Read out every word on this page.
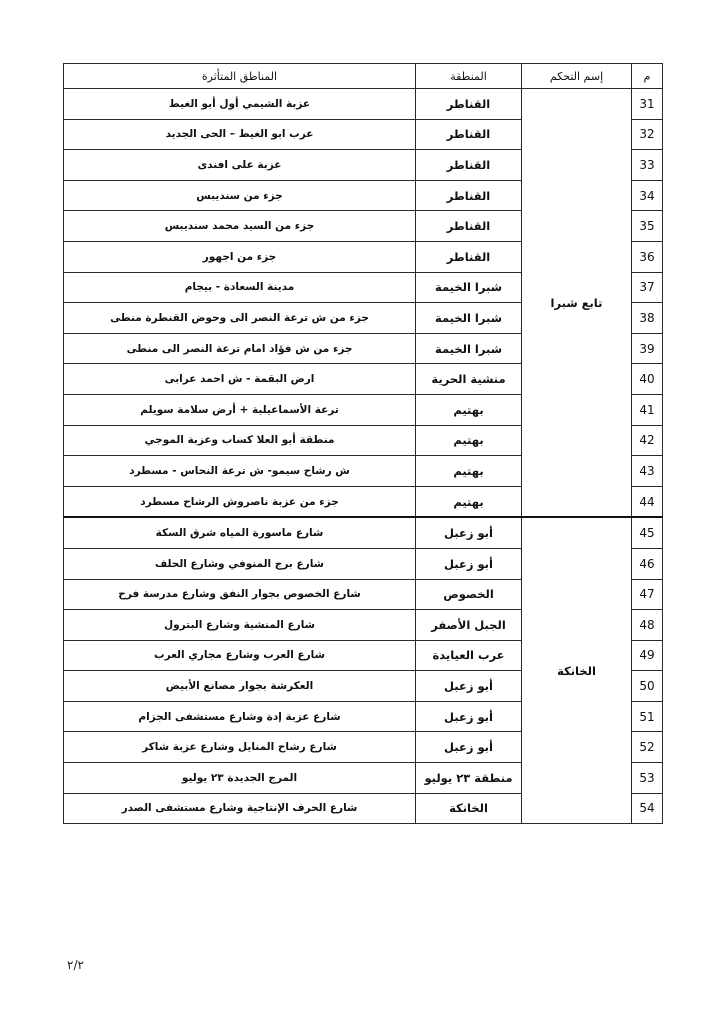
م	إسم التحكم	المنطقة	المناطق المتأثرة
31	تابع شبرا	القناطر	عزبة الشيمي أول أبو الغيط
32		القناطر	عرب ابو الغيط – الحى الجديد
33		القناطر	عزبة على افندى
34		القناطر	جزء من سنديبس
35		القناطر	جزء من السيد محمد سنديبس
36		القناطر	جزء من اجهور
37		شبرا الخيمة	مدينة السعادة - بيجام
38		شبرا الخيمة	جزء من ش ترعة النصر الى وحوض القنطرة منطى
39		شبرا الخيمة	جزء من ش فؤاد امام ترعة النصر الى منطى
40		منشية الحرية	ارض البقمة - ش احمد عرابى
41		بهتيم	ترعة الأسماعيلية + أرض سلامة سويلم
42		بهتيم	منطقة أبو العلا كساب وعزبة الموجي
43		بهتيم	ش رشاح سيمو- ش ترعة النحاس - مسطرد
44		بهتيم	جزء من عزبة ناصروش الرشاح مسطرد
45	الخانكة	أبو زعبل	شارع ماسورة المياه شرق السكة
46		أبو زعبل	شارع برج المنوفي وشارع الحلف
47		الخصوص	شارع الخصوص بجوار النفق وشارع مدرسة فرح
48		الجبل الأصفر	شارع المنشية وشارع البترول
49		عرب العيايدة	شارع العرب وشارع مجاري العرب
50		أبو زعبل	العكرشة بجوار مصانع الأبيض
51		أبو زعبل	شارع عزبة إدة وشارع مستشفى الجزام
52		أبو زعبل	شارع رشاح المنايل وشارع عزبة شاكر
53		منطقة ٢٣ يوليو	المرج الجديدة ٢٣ يوليو
54		الخانكة	شارع الحرف الإنتاجية وشارع مستشفى الصدر
٢/٢
